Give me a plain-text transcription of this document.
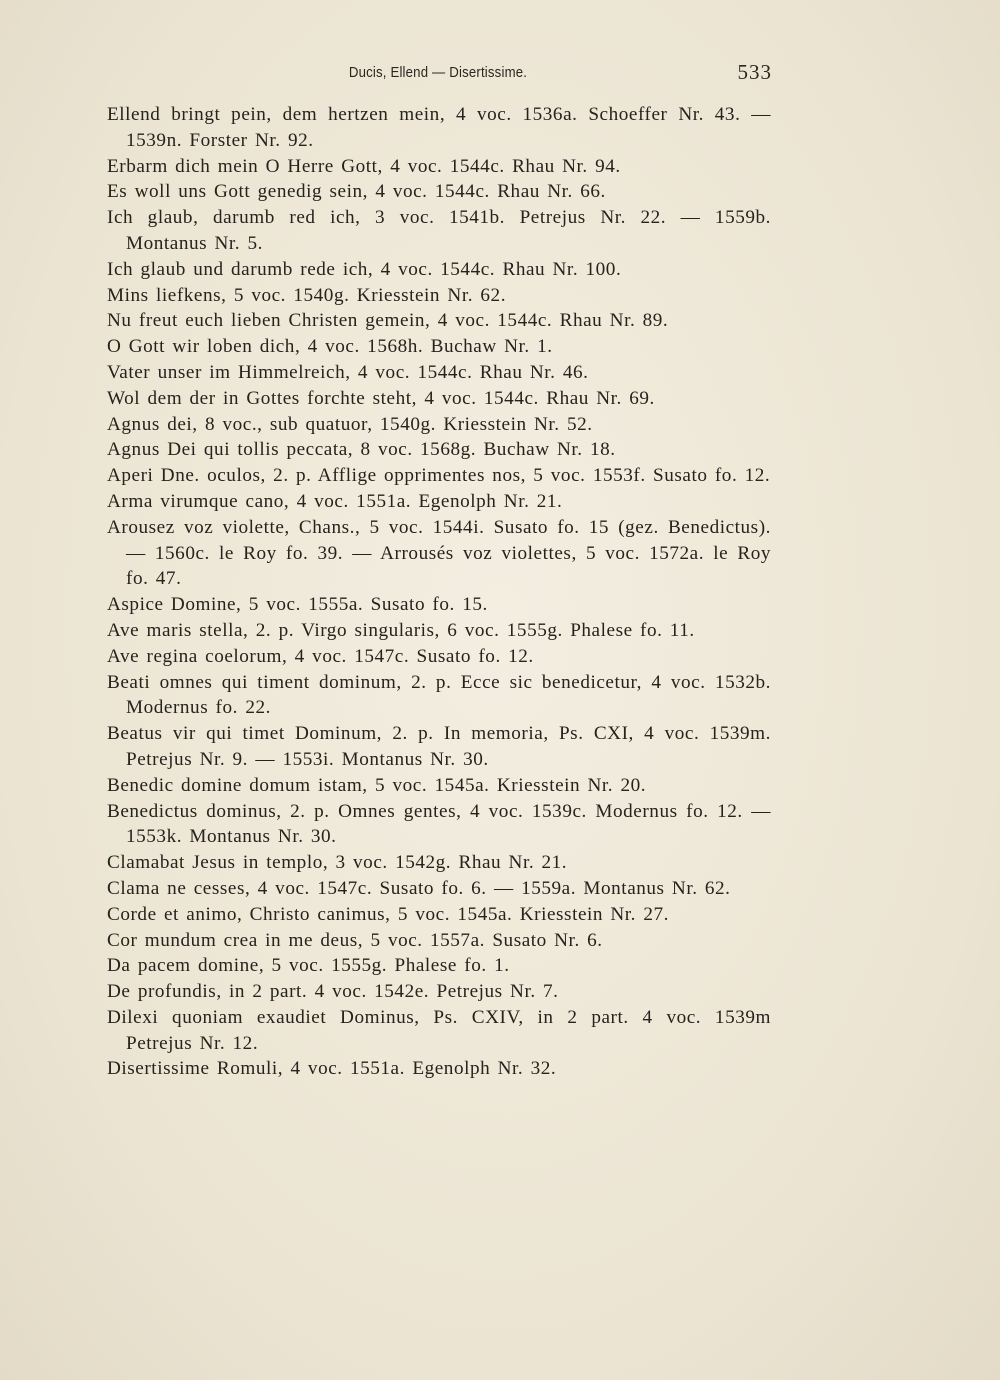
Ducis, Ellend — Disertissime.	533

Ellend bringt pein, dem hertzen mein, 4 voc. 1536a. Schoeffer Nr. 43. — 1539n. Forster Nr. 92.

Erbarm dich mein O Herre Gott, 4 voc. 1544c. Rhau Nr. 94.

Es woll uns Gott genedig sein, 4 voc. 1544c. Rhau Nr. 66.

Ich glaub, darumb red ich, 3 voc. 1541b. Petrejus Nr. 22. — 1559b. Montanus Nr. 5.

Ich glaub und darumb rede ich, 4 voc. 1544c. Rhau Nr. 100.

Mins liefkens, 5 voc. 1540g. Kriesstein Nr. 62.

Nu freut euch lieben Christen gemein, 4 voc. 1544c. Rhau Nr. 89.

O Gott wir loben dich, 4 voc. 1568h. Buchaw Nr. 1.

Vater unser im Himmelreich, 4 voc. 1544c. Rhau Nr. 46.

Wol dem der in Gottes forchte steht, 4 voc. 1544c. Rhau Nr. 69.

Agnus dei, 8 voc., sub quatuor, 1540g. Kriesstein Nr. 52.

Agnus Dei qui tollis peccata, 8 voc. 1568g. Buchaw Nr. 18.

Aperi Dne. oculos, 2. p. Afflige opprimentes nos, 5 voc. 1553f. Susato fo. 12.

Arma virumque cano, 4 voc. 1551a. Egenolph Nr. 21.

Arousez voz violette, Chans., 5 voc. 1544i. Susato fo. 15 (gez. Benedictus). — 1560c. le Roy fo. 39. — Arrousés voz violettes, 5 voc. 1572a. le Roy fo. 47.

Aspice Domine, 5 voc. 1555a. Susato fo. 15.

Ave maris stella, 2. p. Virgo singularis, 6 voc. 1555g. Phalese fo. 11.

Ave regina coelorum, 4 voc. 1547c. Susato fo. 12.

Beati omnes qui timent dominum, 2. p. Ecce sic benedicetur, 4 voc. 1532b. Modernus fo. 22.

Beatus vir qui timet Dominum, 2. p. In memoria, Ps. CXI, 4 voc. 1539m. Petrejus Nr. 9. — 1553i. Montanus Nr. 30.

Benedic domine domum istam, 5 voc. 1545a. Kriesstein Nr. 20.

Benedictus dominus, 2. p. Omnes gentes, 4 voc. 1539c. Modernus fo. 12. — 1553k. Montanus Nr. 30.

Clamabat Jesus in templo, 3 voc. 1542g. Rhau Nr. 21.

Clama ne cesses, 4 voc. 1547c. Susato fo. 6. — 1559a. Montanus Nr. 62.

Corde et animo, Christo canimus, 5 voc. 1545a. Kriesstein Nr. 27.

Cor mundum crea in me deus, 5 voc. 1557a. Susato Nr. 6.

Da pacem domine, 5 voc. 1555g. Phalese fo. 1.

De profundis, in 2 part. 4 voc. 1542e. Petrejus Nr. 7.

Dilexi quoniam exaudiet Dominus, Ps. CXIV, in 2 part. 4 voc. 1539m Petrejus Nr. 12.

Disertissime Romuli, 4 voc. 1551a. Egenolph Nr. 32.
